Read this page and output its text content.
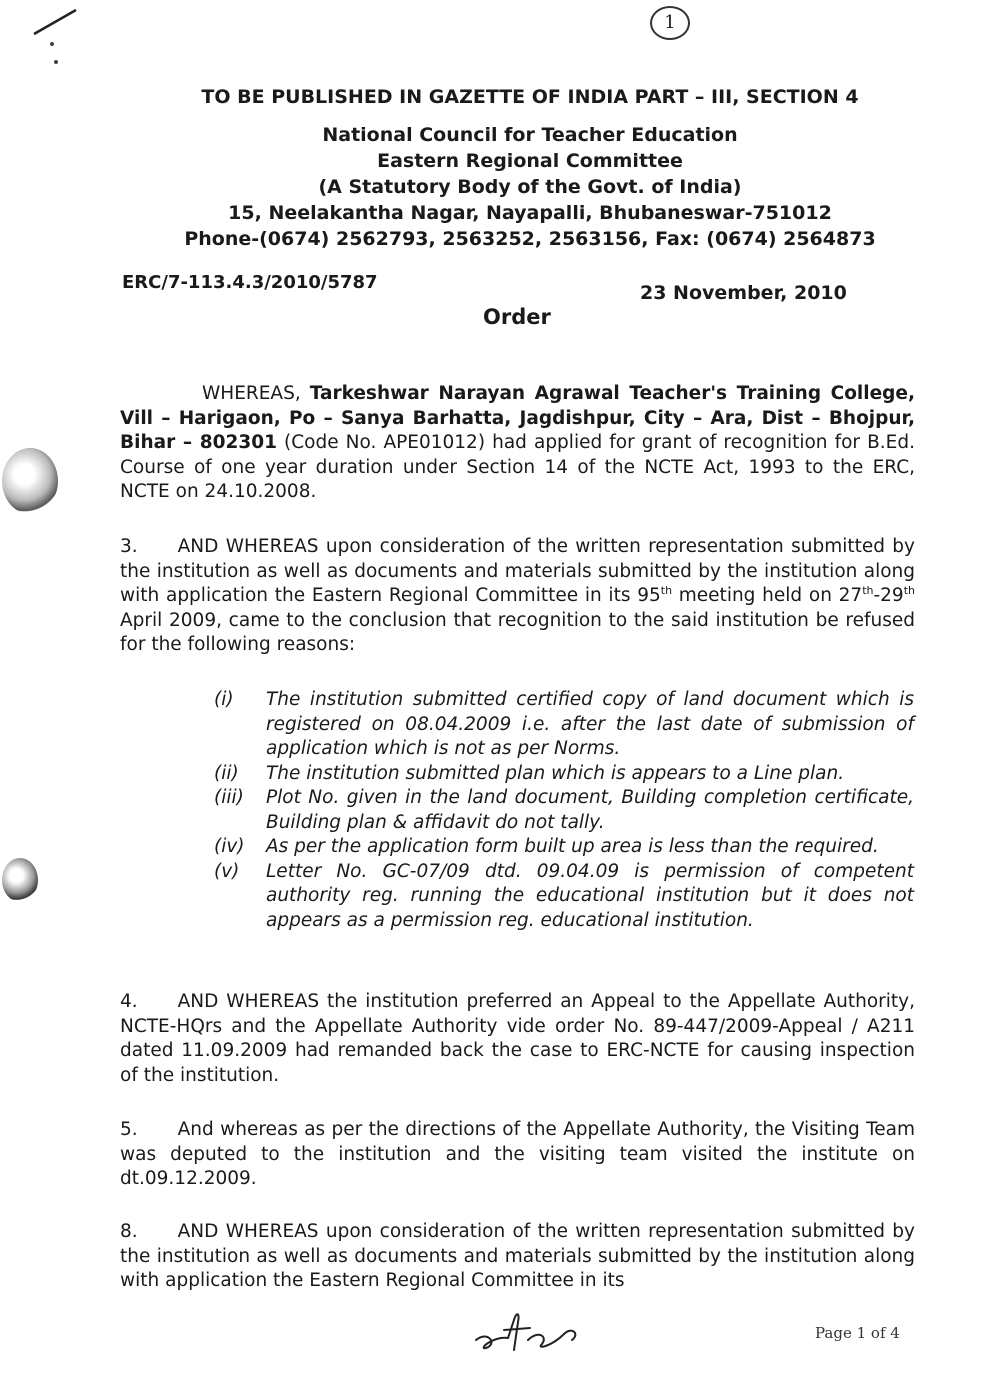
1
TO BE PUBLISHED IN GAZETTE OF INDIA PART – III, SECTION 4
National Council for Teacher Education
Eastern Regional Committee
(A Statutory Body of the Govt. of India)
15, Neelakantha Nagar, Nayapalli, Bhubaneswar-751012
Phone-(0674) 2562793, 2563252, 2563156, Fax: (0674) 2564873
ERC/7-113.4.3/2010/5787	23 November, 2010
Order
WHEREAS, Tarkeshwar Narayan Agrawal Teacher's Training College, Vill – Harigaon, Po – Sanya Barhatta, Jagdishpur, City – Ara, Dist – Bhojpur, Bihar – 802301 (Code No. APE01012) had applied for grant of recognition for B.Ed. Course of one year duration under Section 14 of the NCTE Act, 1993 to the ERC, NCTE on 24.10.2008.
3. AND WHEREAS upon consideration of the written representation submitted by the institution as well as documents and materials submitted by the institution along with application the Eastern Regional Committee in its 95th meeting held on 27th-29th April 2009, came to the conclusion that recognition to the said institution be refused for the following reasons:
(i)	The institution submitted certified copy of land document which is registered on 08.04.2009 i.e. after the last date of submission of application which is not as per Norms.
(ii)	The institution submitted plan which is appears to a Line plan.
(iii)	Plot No. given in the land document, Building completion certificate, Building plan & affidavit do not tally.
(iv)	As per the application form built up area is less than the required.
(v)	Letter No. GC-07/09 dtd. 09.04.09 is permission of competent authority reg. running the educational institution but it does not appears as a permission reg. educational institution.
4. AND WHEREAS the institution preferred an Appeal to the Appellate Authority, NCTE-HQrs and the Appellate Authority vide order No. 89-447/2009-Appeal / A211 dated 11.09.2009 had remanded back the case to ERC-NCTE for causing inspection of the institution.
5. And whereas as per the directions of the Appellate Authority, the Visiting Team was deputed to the institution and the visiting team visited the institute on dt.09.12.2009.
8. AND WHEREAS upon consideration of the written representation submitted by the institution as well as documents and materials submitted by the institution along with application the Eastern Regional Committee in its
Page 1 of 4
